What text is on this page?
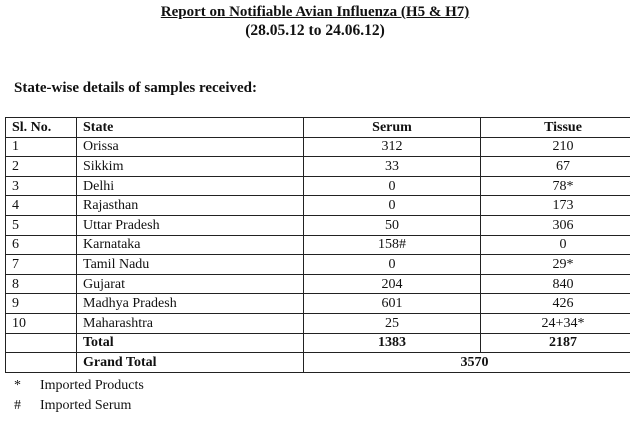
Report on Notifiable Avian Influenza (H5 & H7)
(28.05.12 to 24.06.12)
State-wise details of samples received:
Sl. No.	State	Serum	Tissue
1	Orissa	312	210
2	Sikkim	33	67
3	Delhi	0	78*
4	Rajasthan	0	173
5	Uttar Pradesh	50	306
6	Karnataka	158#	0
7	Tamil Nadu	0	29*
8	Gujarat	204	840
9	Madhya Pradesh	601	426
10	Maharashtra	25	24+34*
	Total	1383	2187
	Grand Total	3570	
*	Imported Products
#	Imported Serum
